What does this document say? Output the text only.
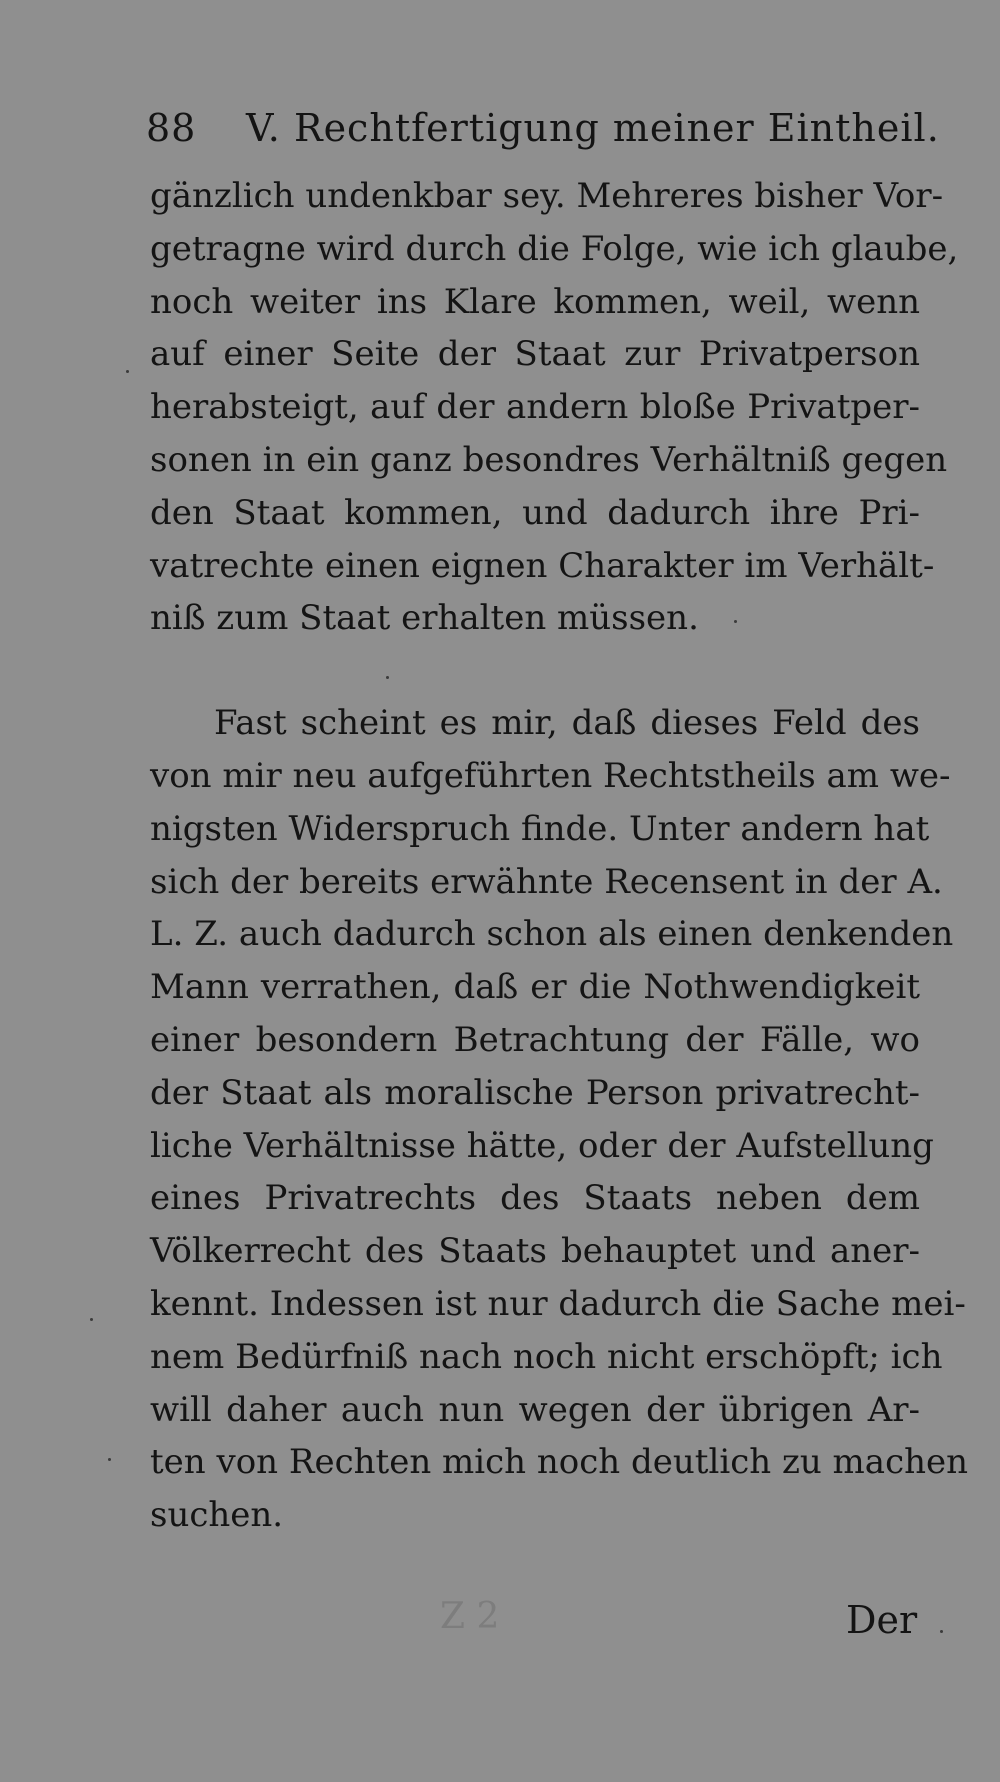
88 V. Rechtfertigung meiner Eintheil.
gänzlich undenkbar sey. Mehreres bisher Vor-
getragne wird durch die Folge, wie ich glaube,
noch weiter ins Klare kommen, weil, wenn
auf einer Seite der Staat zur Privatperson
herabsteigt, auf der andern bloße Privatper-
sonen in ein ganz besondres Verhältniß gegen
den Staat kommen, und dadurch ihre Pri-
vatrechte einen eignen Charakter im Verhält-
niß zum Staat erhalten müssen.
Fast scheint es mir, daß dieses Feld des
von mir neu aufgeführten Rechtstheils am we-
nigsten Widerspruch finde. Unter andern hat
sich der bereits erwähnte Recensent in der A.
L. Z. auch dadurch schon als einen denkenden
Mann verrathen, daß er die Nothwendigkeit
einer besondern Betrachtung der Fälle, wo
der Staat als moralische Person privatrecht-
liche Verhältnisse hätte, oder der Aufstellung
eines Privatrechts des Staats neben dem
Völkerrecht des Staats behauptet und aner-
kennt. Indessen ist nur dadurch die Sache mei-
nem Bedürfniß nach noch nicht erschöpft; ich
will daher auch nun wegen der übrigen Ar-
ten von Rechten mich noch deutlich zu machen
suchen.
Ζ 2	Der
